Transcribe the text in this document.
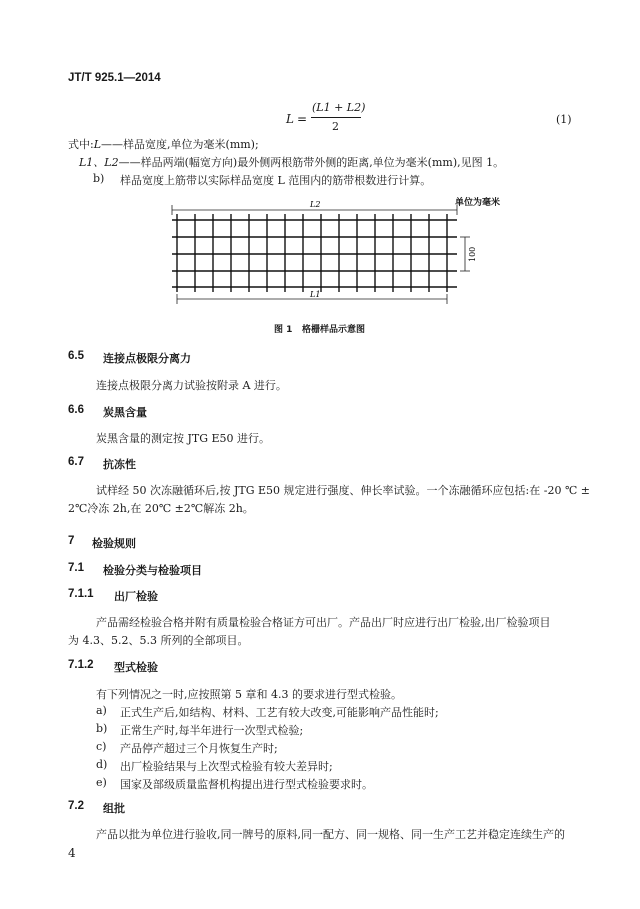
JT/T 925.1—2014
L =
(L1 + L2)
2
(1)
式中:L——样品宽度,单位为毫米(mm);
L1、L2——样品两端(幅宽方向)最外侧两根筋带外侧的距离,单位为毫米(mm),见图 1。
b) 样品宽度上筋带以实际样品宽度 L 范围内的筋带根数进行计算。
单位为毫米
L2
100
L1
图 1 格栅样品示意图
6.5 连接点极限分离力
连接点极限分离力试验按附录 A 进行。
6.6 炭黑含量
炭黑含量的测定按 JTG E50 进行。
6.7 抗冻性
试样经 50 次冻融循环后,按 JTG E50 规定进行强度、伸长率试验。一个冻融循环应包括:在 -20 ℃ ±
2℃冷冻 2h,在 20℃ ±2℃解冻 2h。
7 检验规则
7.1 检验分类与检验项目
7.1.1 出厂检验
产品需经检验合格并附有质量检验合格证方可出厂。产品出厂时应进行出厂检验,出厂检验项目
为 4.3、5.2、5.3 所列的全部项目。
7.1.2 型式检验
有下列情况之一时,应按照第 5 章和 4.3 的要求进行型式检验。
a) 正式生产后,如结构、材料、工艺有较大改变,可能影响产品性能时;
b) 正常生产时,每半年进行一次型式检验;
c) 产品停产超过三个月恢复生产时;
d) 出厂检验结果与上次型式检验有较大差异时;
e) 国家及部级质量监督机构提出进行型式检验要求时。
7.2 组批
产品以批为单位进行验收,同一牌号的原料,同一配方、同一规格、同一生产工艺并稳定连续生产的
4
